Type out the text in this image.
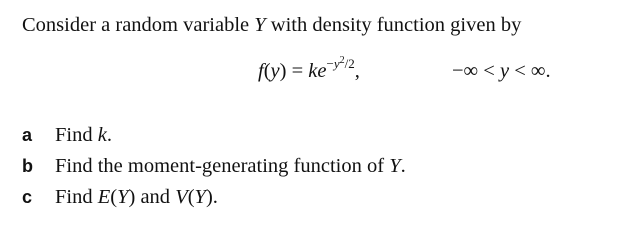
Consider a random variable Y with density function given by
$f(y) = ke^{-y^2/2}$,	−∞ < y < ∞.
a Find k.
b Find the moment-generating function of Y.
c Find E(Y) and V(Y).
